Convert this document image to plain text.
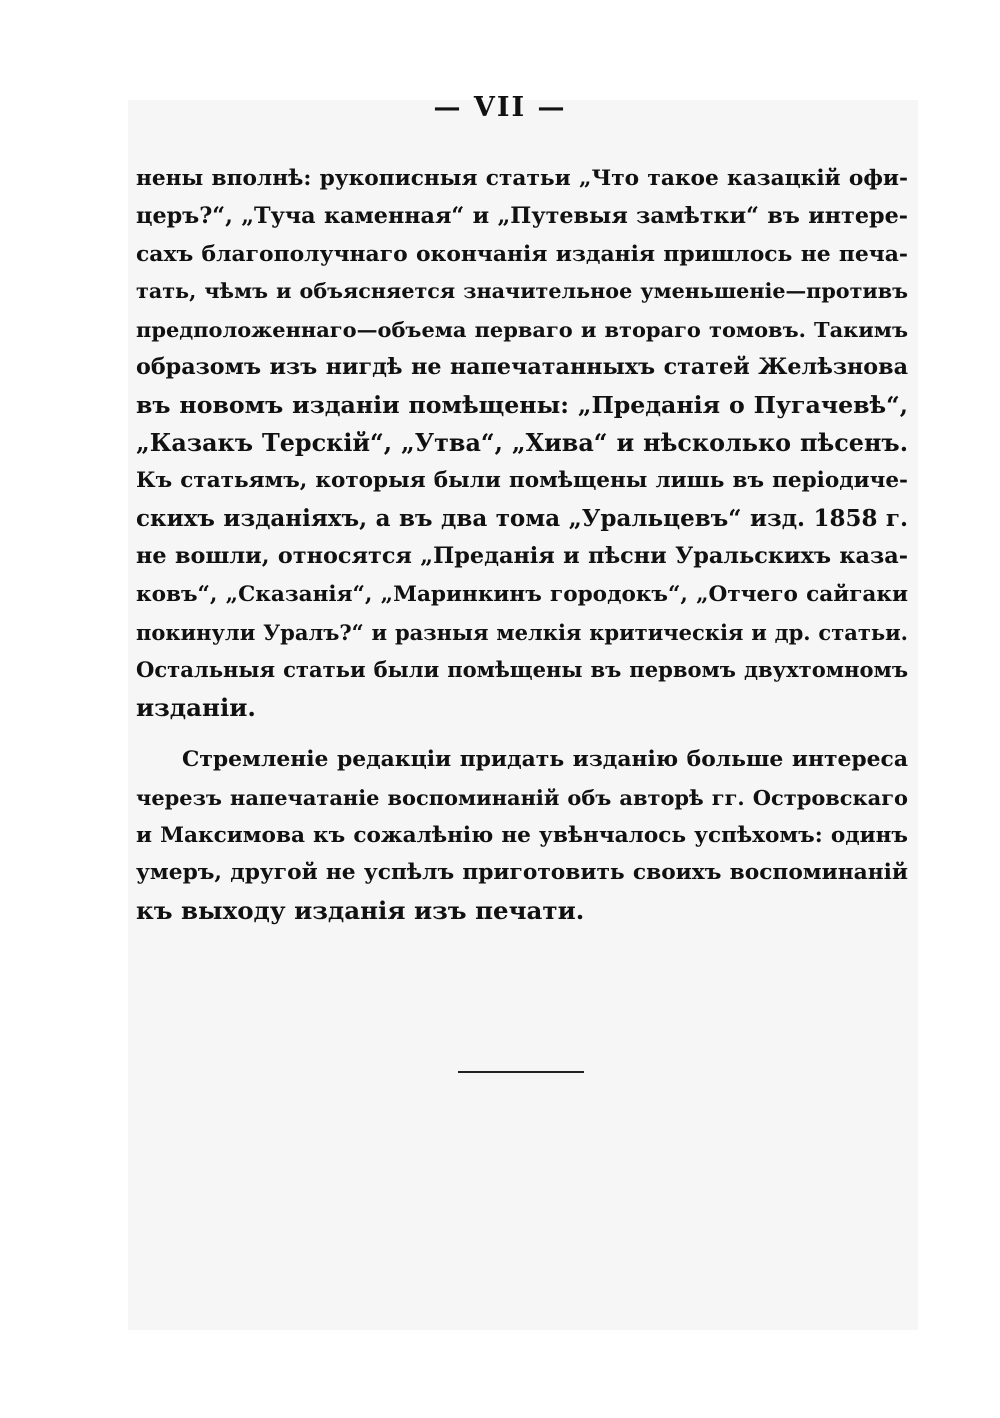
— VII —
нены вполнѣ: рукописныя статьи „Что такое казацкій офи-
церъ?“, „Туча каменная“ и „Путевыя замѣтки“ въ интере-
сахъ благополучнаго окончанія изданія пришлось не печа-
тать, чѣмъ и объясняется значительное уменьшеніе—противъ
предположеннаго—объема перваго и втораго томовъ. Такимъ
образомъ изъ нигдѣ не напечатанныхъ статей Желѣзнова
въ новомъ изданіи помѣщены: „Преданія о Пугачевѣ“,
„Казакъ Терскій“, „Утва“, „Хива“ и нѣсколько пѣсенъ.
Къ статьямъ, которыя были помѣщены лишь въ періодиче-
скихъ изданіяхъ, а въ два тома „Уральцевъ“ изд. 1858 г.
не вошли, относятся „Преданія и пѣсни Уральскихъ каза-
ковъ“, „Сказанія“, „Маринкинъ городокъ“, „Отчего сайгаки
покинули Уралъ?“ и разныя мелкія критическія и др. статьи.
Остальныя статьи были помѣщены въ первомъ двухтомномъ
изданіи.
Стремленіе редакціи придать изданію больше интереса
черезъ напечатаніе воспоминаній объ авторѣ гг. Островскаго
и Максимова къ сожалѣнію не увѣнчалось успѣхомъ: одинъ
умеръ, другой не успѣлъ приготовить своихъ воспоминаній
къ выходу изданія изъ печати.
